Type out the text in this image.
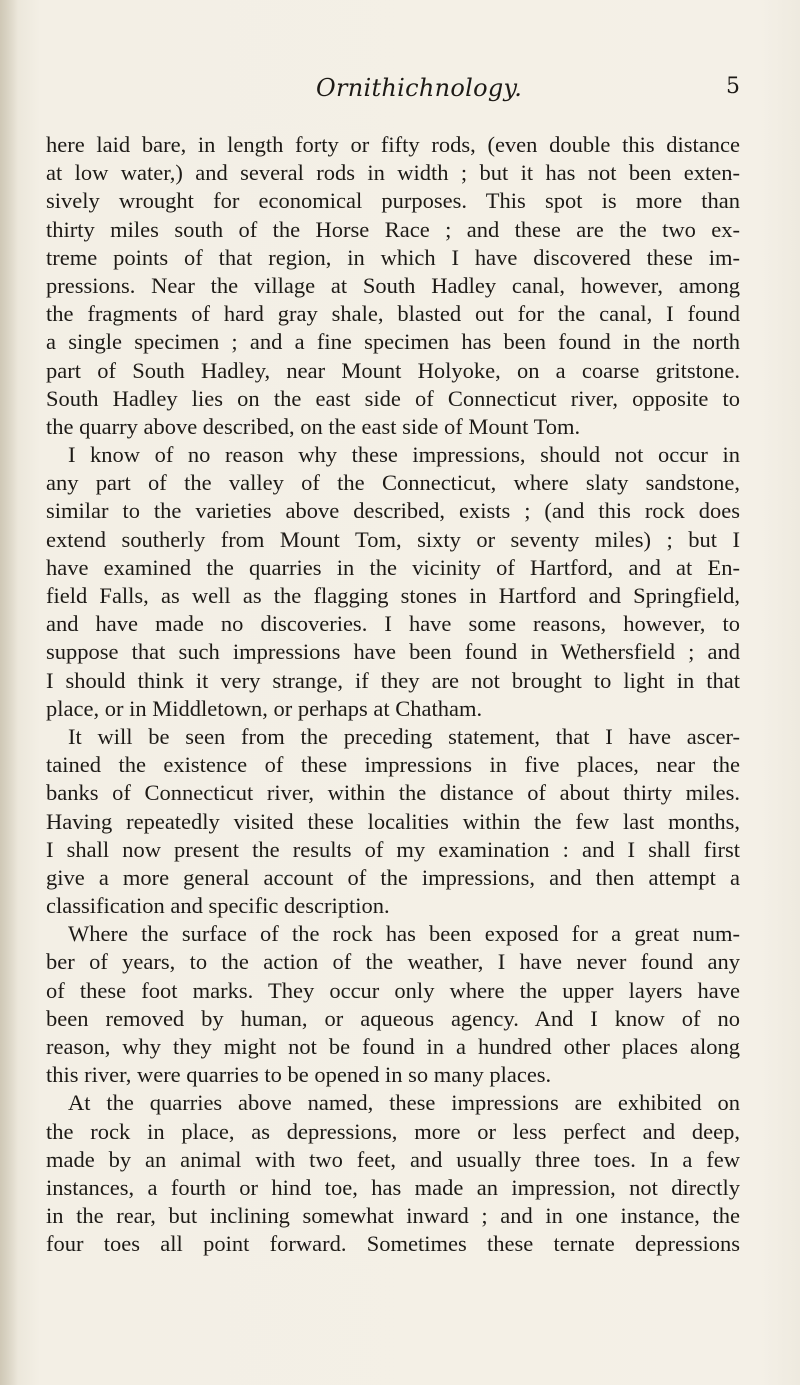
Ornithichnology.	5
here laid bare, in length forty or fifty rods, (even double this distance
at low water,) and several rods in width ; but it has not been exten-
sively wrought for economical purposes. This spot is more than
thirty miles south of the Horse Race ; and these are the two ex-
treme points of that region, in which I have discovered these im-
pressions. Near the village at South Hadley canal, however, among
the fragments of hard gray shale, blasted out for the canal, I found
a single specimen ; and a fine specimen has been found in the north
part of South Hadley, near Mount Holyoke, on a coarse gritstone.
South Hadley lies on the east side of Connecticut river, opposite to
the quarry above described, on the east side of Mount Tom.
I know of no reason why these impressions, should not occur in
any part of the valley of the Connecticut, where slaty sandstone,
similar to the varieties above described, exists ; (and this rock does
extend southerly from Mount Tom, sixty or seventy miles) ; but I
have examined the quarries in the vicinity of Hartford, and at En-
field Falls, as well as the flagging stones in Hartford and Springfield,
and have made no discoveries. I have some reasons, however, to
suppose that such impressions have been found in Wethersfield ; and
I should think it very strange, if they are not brought to light in that
place, or in Middletown, or perhaps at Chatham.
It will be seen from the preceding statement, that I have ascer-
tained the existence of these impressions in five places, near the
banks of Connecticut river, within the distance of about thirty miles.
Having repeatedly visited these localities within the few last months,
I shall now present the results of my examination : and I shall first
give a more general account of the impressions, and then attempt a
classification and specific description.
Where the surface of the rock has been exposed for a great num-
ber of years, to the action of the weather, I have never found any
of these foot marks. They occur only where the upper layers have
been removed by human, or aqueous agency. And I know of no
reason, why they might not be found in a hundred other places along
this river, were quarries to be opened in so many places.
At the quarries above named, these impressions are exhibited on
the rock in place, as depressions, more or less perfect and deep,
made by an animal with two feet, and usually three toes. In a few
instances, a fourth or hind toe, has made an impression, not directly
in the rear, but inclining somewhat inward ; and in one instance, the
four toes all point forward. Sometimes these ternate depressions
